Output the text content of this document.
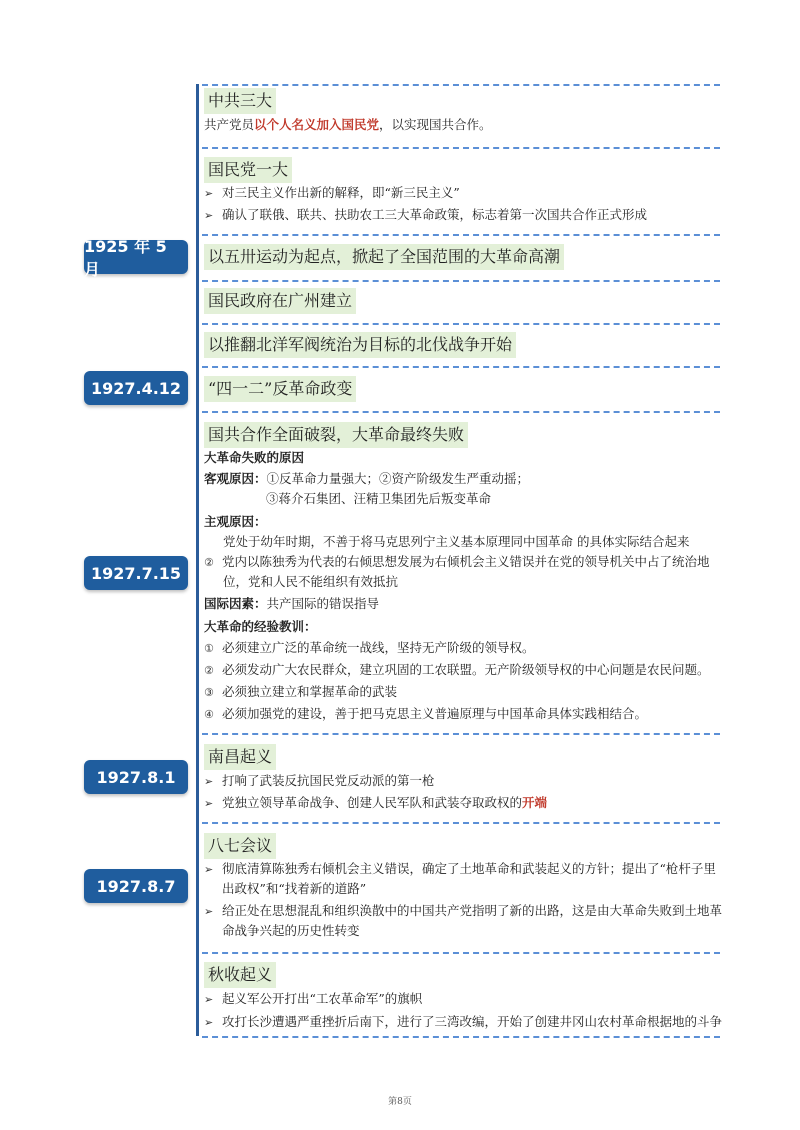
1925 年 5 月
1927.4.12
1927.7.15
1927.8.1
1927.8.7
中共三大
共产党员以个人名义加入国民党，以实现国共合作。
国民党一大
➢ 对三民主义作出新的解释，即“新三民主义”
➢ 确认了联俄、联共、扶助农工三大革命政策，标志着第一次国共合作正式形成
以五卅运动为起点，掀起了全国范围的大革命高潮
国民政府在广州建立
以推翻北洋军阀统治为目标的北伐战争开始
“四一二”反革命政变
国共合作全面破裂，大革命最终失败
大革命失败的原因
客观原因：①反革命力量强大；②资产阶级发生严重动摇；
③蒋介石集团、汪精卫集团先后叛变革命
主观原因：
党处于幼年时期，不善于将马克思列宁主义基本原理同中国革命 的具体实际结合起来
② 党内以陈独秀为代表的右倾思想发展为右倾机会主义错误并在党的领导机关中占了统治地
位，党和人民不能组织有效抵抗
国际因素：共产国际的错误指导
大革命的经验教训：
① 必须建立广泛的革命统一战线，坚持无产阶级的领导权。
② 必须发动广大农民群众，建立巩固的工农联盟。无产阶级领导权的中心问题是农民问题。
③ 必须独立建立和掌握革命的武装
④ 必须加强党的建设，善于把马克思主义普遍原理与中国革命具体实践相结合。
南昌起义
➢ 打响了武装反抗国民党反动派的第一枪
➢ 党独立领导革命战争、创建人民军队和武装夺取政权的开端
八七会议
➢ 彻底清算陈独秀右倾机会主义错误，确定了土地革命和武装起义的方针；提出了“枪杆子里
出政权”和“找着新的道路”
➢ 给正处在思想混乱和组织涣散中的中国共产党指明了新的出路，这是由大革命失败到土地革
命战争兴起的历史性转变
秋收起义
➢ 起义军公开打出“工农革命军”的旗帜
➢ 攻打长沙遭遇严重挫折后南下，进行了三湾改编，开始了创建井冈山农村革命根据地的斗争
第8页
